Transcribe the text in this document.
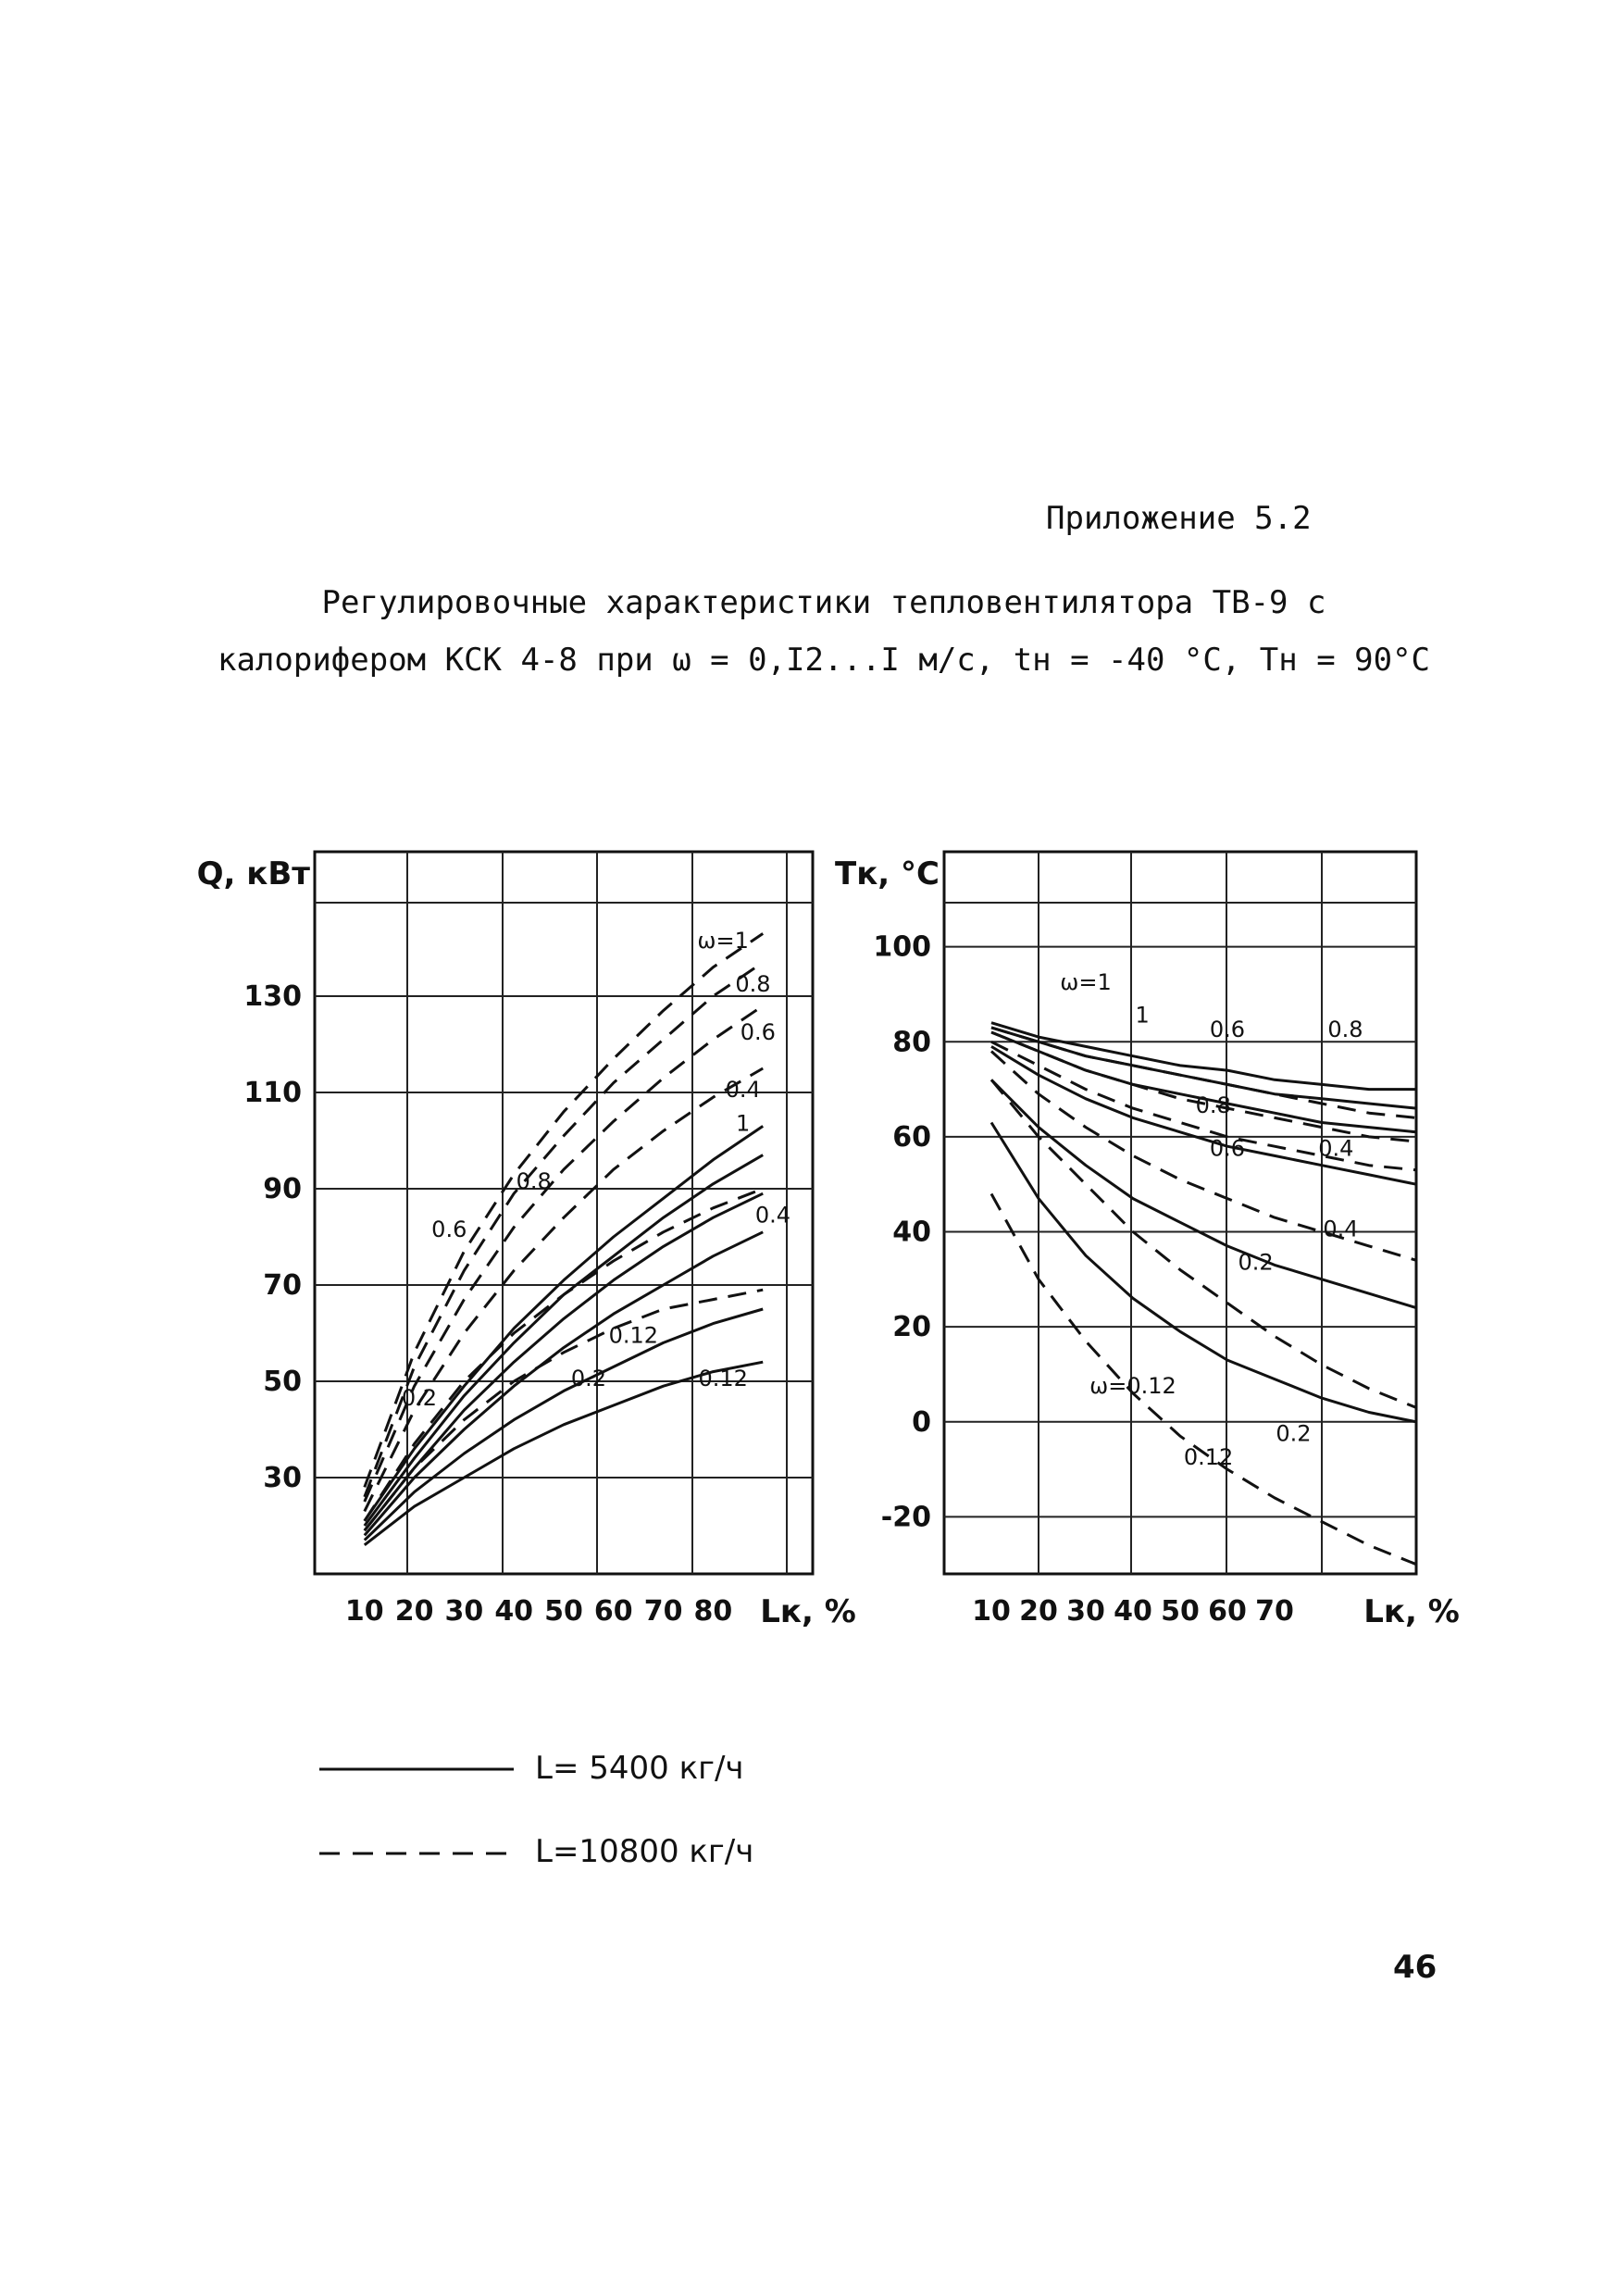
Приложение 5.2
Регулировочные характеристики тепловентилятора ТВ-9 с
калорифером КСК 4-8 при ω = 0,I2...I м/с, tн = -40 °C, Tн = 90°C
30
50
70
90
110
130
10 20 30 40 50 60 70 80
Q, кВт
Lк, %
ω=1
0.8
0.6
0.4
1
0.8
0.6
0.4
0.12
0.2	0.12
0.2
100
80
60
40
20
0
-20
10 20 30 40 50 60 70
Tк, °C
Lк, %
ω=1
1
0.6	0.8
0.8
0.6	0.4
0.4
0.2
ω=0.12
0.2
0.12
L= 5400 кг/ч
L=10800 кг/ч
46
